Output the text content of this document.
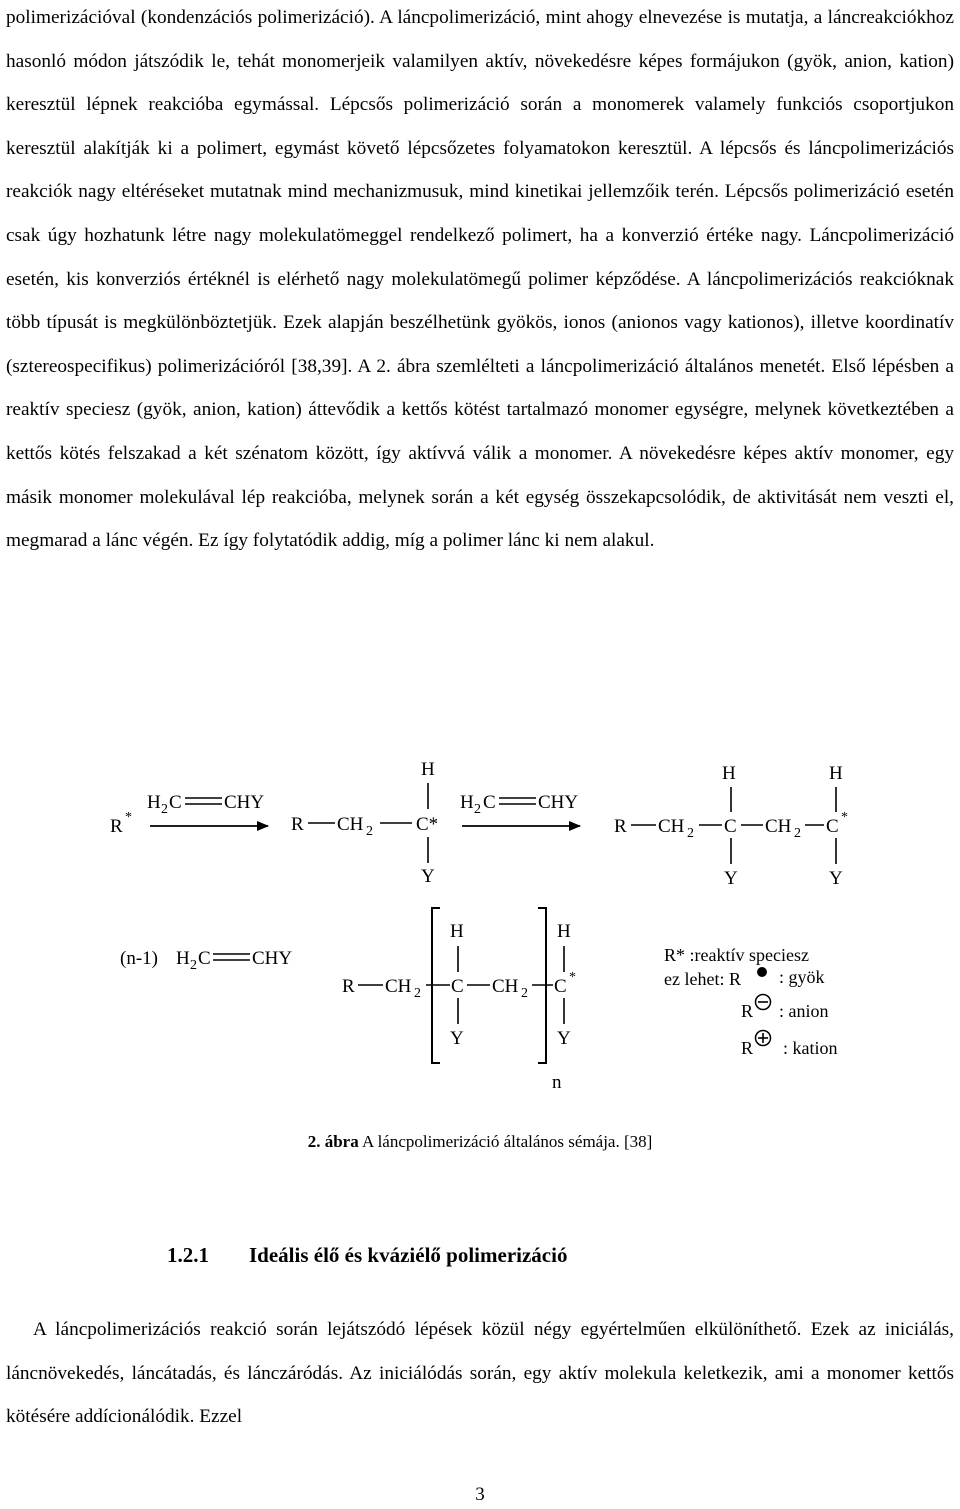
polimerizációval (kondenzációs polimerizáció). A láncpolimerizáció, mint ahogy elnevezése is mutatja, a láncreakciókhoz hasonló módon játszódik le, tehát monomerjeik valamilyen aktív, növekedésre képes formájukon (gyök, anion, kation) keresztül lépnek reakcióba egymással. Lépcsős polimerizáció során a monomerek valamely funkciós csoportjukon keresztül alakítják ki a polimert, egymást követő lépcsőzetes folyamatokon keresztül. A lépcsős és láncpolimerizációs reakciók nagy eltéréseket mutatnak mind mechanizmusuk, mind kinetikai jellemzőik terén. Lépcsős polimerizáció esetén csak úgy hozhatunk létre nagy molekulatömeggel rendelkező polimert, ha a konverzió értéke nagy. Láncpolimerizáció esetén, kis konverziós értéknél is elérhető nagy molekulatömegű polimer képződése. A láncpolimerizációs reakcióknak több típusát is megkülönböztetjük. Ezek alapján beszélhetünk gyökös, ionos (anionos vagy kationos), illetve koordinatív (sztereospecifikus) polimerizációról [38,39]. A 2. ábra szemlélteti a láncpolimerizáció általános menetét. Első lépésben a reaktív speciesz (gyök, anion, kation) áttevődik a kettős kötést tartalmazó monomer egységre, melynek következtében a kettős kötés felszakad a két szénatom között, így aktívvá válik a monomer. A növekedésre képes aktív monomer, egy másik monomer molekulával lép reakcióba, melynek során a két egység összekapcsolódik, de aktivitását nem veszti el, megmarad a lánc végén. Ez így folytatódik addig, míg a polimer lánc ki nem alakul.

R *
H 2 C CHY
R CH 2 C*
H
Y
H 2 C CHY
R CH 2 C
H
Y
CH 2 C *
H
Y
(n-1) H 2 C CHY
R CH 2 C
H
Y
CH 2 C *
H
Y
n
R* :reaktív speciesz
ez lehet: R : gyök
R : anion
R : kation

2. ábra A láncpolimerizáció általános sémája. [38]

1.2.1 Ideális élő és kváziélő polimerizáció

A láncpolimerizációs reakció során lejátszódó lépések közül négy egyértelműen elkülöníthető. Ezek az iniciálás, láncnövekedés, láncátadás, és lánczáródás. Az iniciálódás során, egy aktív molekula keletkezik, ami a monomer kettős kötésére addícionálódik. Ezzel

3
